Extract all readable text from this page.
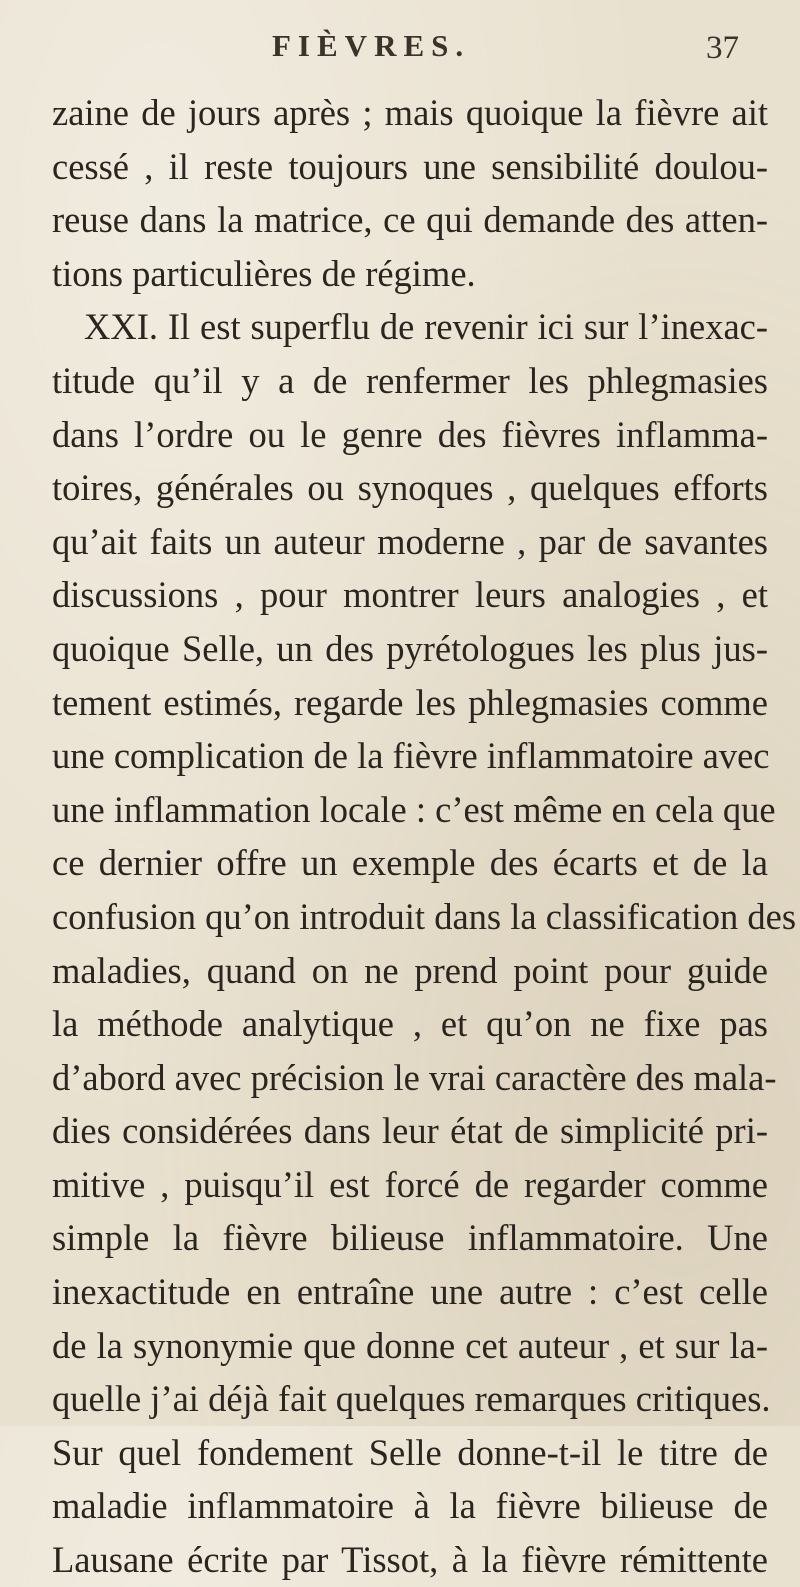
FIÈVRES.	37
zaine de jours après ; mais quoique la fièvre ait
cessé , il reste toujours une sensibilité doulou-
reuse dans la matrice, ce qui demande des atten-
tions particulières de régime.
XXI. Il est superflu de revenir ici sur l’inexac-
titude qu’il y a de renfermer les phlegmasies
dans l’ordre ou le genre des fièvres inflamma-
toires, générales ou synoques , quelques efforts
qu’ait faits un auteur moderne , par de savantes
discussions , pour montrer leurs analogies , et
quoique Selle, un des pyrétologues les plus jus-
tement estimés, regarde les phlegmasies comme
une complication de la fièvre inflammatoire avec
une inflammation locale : c’est même en cela que
ce dernier offre un exemple des écarts et de la
confusion qu’on introduit dans la classification des
maladies, quand on ne prend point pour guide
la méthode analytique , et qu’on ne fixe pas
d’abord avec précision le vrai caractère des mala-
dies considérées dans leur état de simplicité pri-
mitive , puisqu’il est forcé de regarder comme
simple la fièvre bilieuse inflammatoire. Une
inexactitude en entraîne une autre : c’est celle
de la synonymie que donne cet auteur , et sur la-
quelle j’ai déjà fait quelques remarques critiques.
Sur quel fondement Selle donne-t-il le titre de
maladie inflammatoire à la fièvre bilieuse de
Lausane écrite par Tissot, à la fièvre rémittente
